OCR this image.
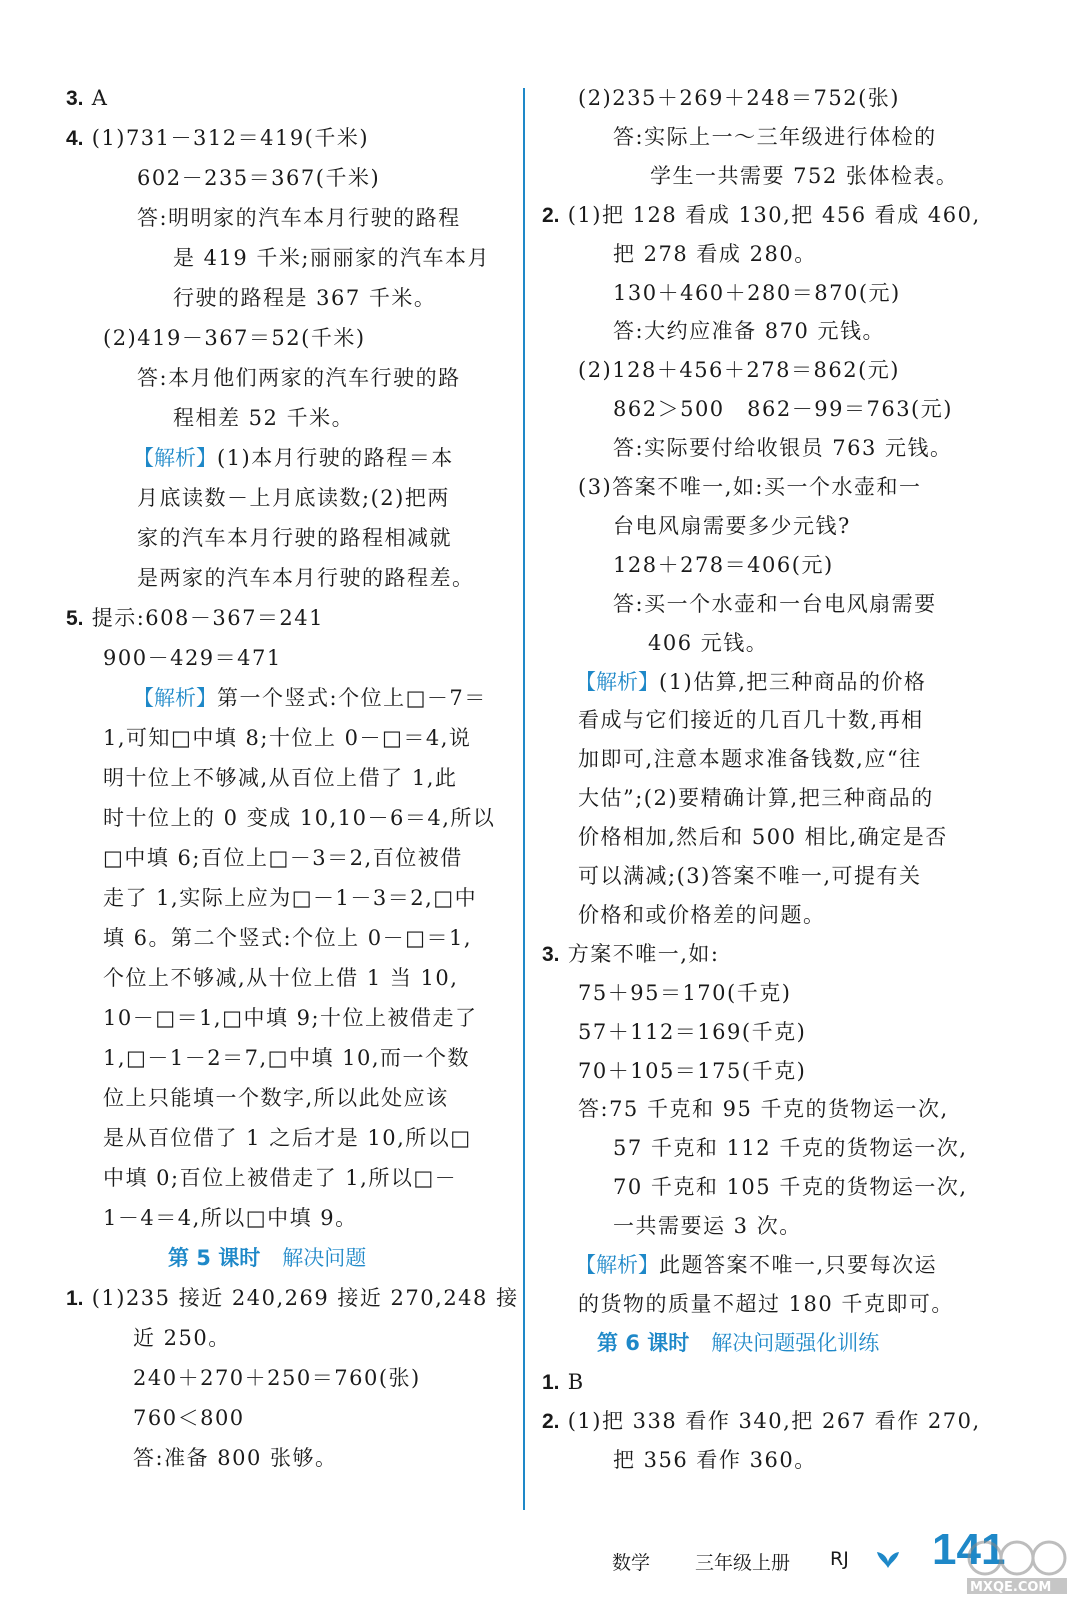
3. A
4. (1)731－312＝419(千米)
602－235＝367(千米)
答:明明家的汽车本月行驶的路程
是 419 千米;丽丽家的汽车本月
行驶的路程是 367 千米。
(2)419－367＝52(千米)
答:本月他们两家的汽车行驶的路
程相差 52 千米。
【解析】(1)本月行驶的路程＝本
月底读数－上月底读数;(2)把两
家的汽车本月行驶的路程相减就
是两家的汽车本月行驶的路程差。
5. 提示:608－367＝241
900－429＝471
【解析】第一个竖式:个位上□－7＝
1,可知□中填 8;十位上 0－□＝4,说
明十位上不够减,从百位上借了 1,此
时十位上的 0 变成 10,10－6＝4,所以
□中填 6;百位上□－3＝2,百位被借
走了 1,实际上应为□－1－3＝2,□中
填 6。第二个竖式:个位上 0－□＝1,
个位上不够减,从十位上借 1 当 10,
10－□＝1,□中填 9;十位上被借走了
1,□－1－2＝7,□中填 10,而一个数
位上只能填一个数字,所以此处应该
是从百位借了 1 之后才是 10,所以□
中填 0;百位上被借走了 1,所以□－
1－4＝4,所以□中填 9。
第 5 课时 解决问题
1. (1)235 接近 240,269 接近 270,248 接
近 250。
240＋270＋250＝760(张)
760＜800
答:准备 800 张够。
(2)235＋269＋248＝752(张)
答:实际上一～三年级进行体检的
学生一共需要 752 张体检表。
2. (1)把 128 看成 130,把 456 看成 460,
把 278 看成 280。
130＋460＋280＝870(元)
答:大约应准备 870 元钱。
(2)128＋456＋278＝862(元)
862＞500　862－99＝763(元)
答:实际要付给收银员 763 元钱。
(3)答案不唯一,如:买一个水壶和一
台电风扇需要多少元钱?
128＋278＝406(元)
答:买一个水壶和一台电风扇需要
406 元钱。
【解析】(1)估算,把三种商品的价格
看成与它们接近的几百几十数,再相
加即可,注意本题求准备钱数,应“往
大估”;(2)要精确计算,把三种商品的
价格相加,然后和 500 相比,确定是否
可以满减;(3)答案不唯一,可提有关
价格和或价格差的问题。
3. 方案不唯一,如:
75＋95＝170(千克)
57＋112＝169(千克)
70＋105＝175(千克)
答:75 千克和 95 千克的货物运一次,
57 千克和 112 千克的货物运一次,
70 千克和 105 千克的货物运一次,
一共需要运 3 次。
【解析】此题答案不唯一,只要每次运
的货物的质量不超过 180 千克即可。
第 6 课时 解决问题强化训练
1. B
2. (1)把 338 看作 340,把 267 看作 270,
把 356 看作 360。
数学 三年级上册 RJ 141
MXQE.COM
